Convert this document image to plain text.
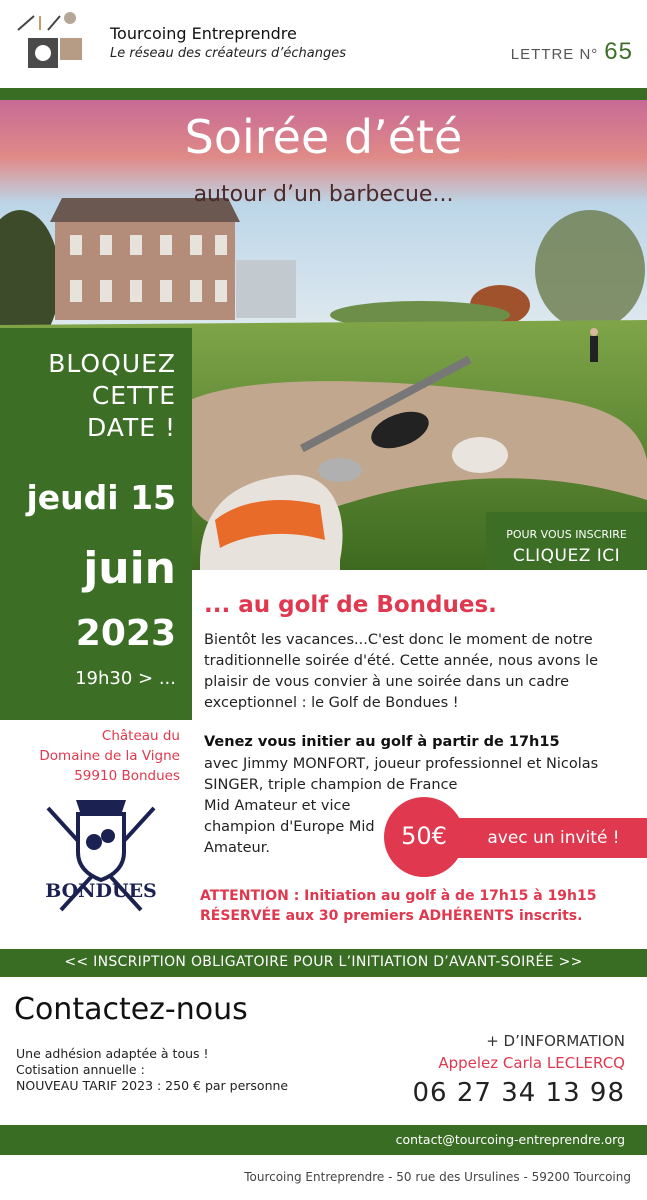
Tourcoing Entreprendre
Le réseau des créateurs d’échanges	LETTRE N° 65
Soirée d’été
autour d’un barbecue...
BLOQUEZ
CETTE
DATE !
jeudi 15
juin
2023
19h30 > ...
POUR VOUS INSCRIRE
CLIQUEZ ICI
... au golf de Bondues.
Bientôt les vacances...C'est donc le moment de notre traditionnelle soirée d'été. Cette année, nous avons le plaisir de vous convier à une soirée dans un cadre exceptionnel : le Golf de Bondues !
Venez vous initier au golf à partir de 17h15
avec Jimmy MONFORT, joueur professionnel et Nicolas SINGER, triple champion de France
Mid Amateur et vice champion d'Europe Mid Amateur.	50€	avec un invité !
ATTENTION : Initiation au golf à de 17h15 à 19h15
RÉSERVÉE aux 30 premiers ADHÉRENTS inscrits.
Château du
Domaine de la Vigne
59910 Bondues
BONDUES
<< INSCRIPTION OBLIGATOIRE POUR L’INITIATION D’AVANT-SOIRÉE >>
Contactez-nous
Une adhésion adaptée à tous !
Cotisation annuelle :
NOUVEAU TARIF 2023 : 250 € par personne
+ D’INFORMATION
Appelez Carla LECLERCQ
06 27 34 13 98
contact@tourcoing-entreprendre.org
Tourcoing Entreprendre - 50 rue des Ursulines - 59200 Tourcoing
